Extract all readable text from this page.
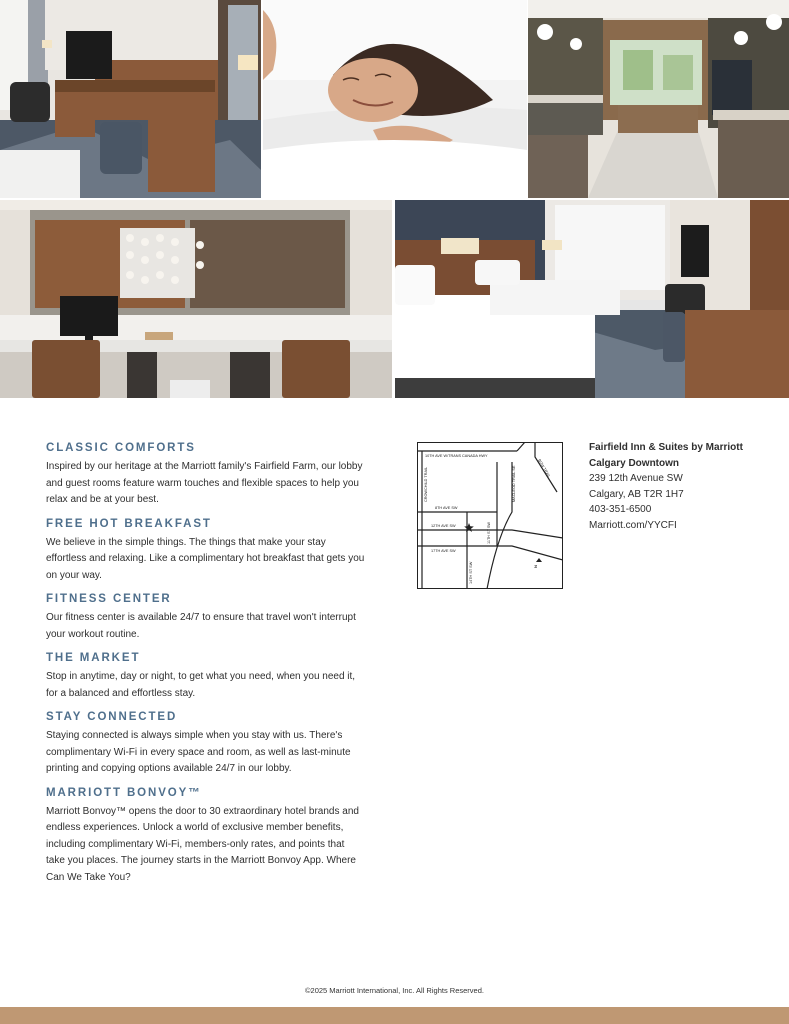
CLASSIC COMFORTS

Inspired by our heritage at the Marriott family's Fairfield Farm, our lobby and guest rooms feature warm touches and flexible spaces to help you relax and be at your best.

FREE HOT BREAKFAST

We believe in the simple things. The things that make your stay effortless and relaxing. Like a complimentary hot breakfast that gets you on your way.

FITNESS CENTER

Our fitness center is available 24/7 to ensure that travel won't interrupt your workout routine.

THE MARKET

Stop in anytime, day or night, to get what you need, when you need it, for a balanced and effortless stay.

STAY CONNECTED

Staying connected is always simple when you stay with us. There's complimentary Wi-Fi in every space and room, as well as last-minute printing and copying options available 24/7 in our lobby.

MARRIOTT BONVOY™

Marriott Bonvoy™ opens the door to 30 extraordinary hotel brands and endless experiences. Unlock a world of exclusive member benefits, including complimentary Wi-Fi, members-only rates, and points that take you places. The journey starts in the Marriott Bonvoy App. Where Can We Take You?

10TH AVE W/TRANS CANADA HWY
CROWCHILD TRAIL	BOW TRAIL
8TH AVE SW
12TH AVE SW
17TH AVE SW
14TH ST SW
MACLEOD TRAIL SE
11TH ST SW
N
Fairfield Inn & Suites by Marriott
Calgary Downtown
239 12th Avenue SW
Calgary, AB T2R 1H7
403-351-6500
Marriott.com/YYCFI
©2025 Marriott International, Inc. All Rights Reserved.
